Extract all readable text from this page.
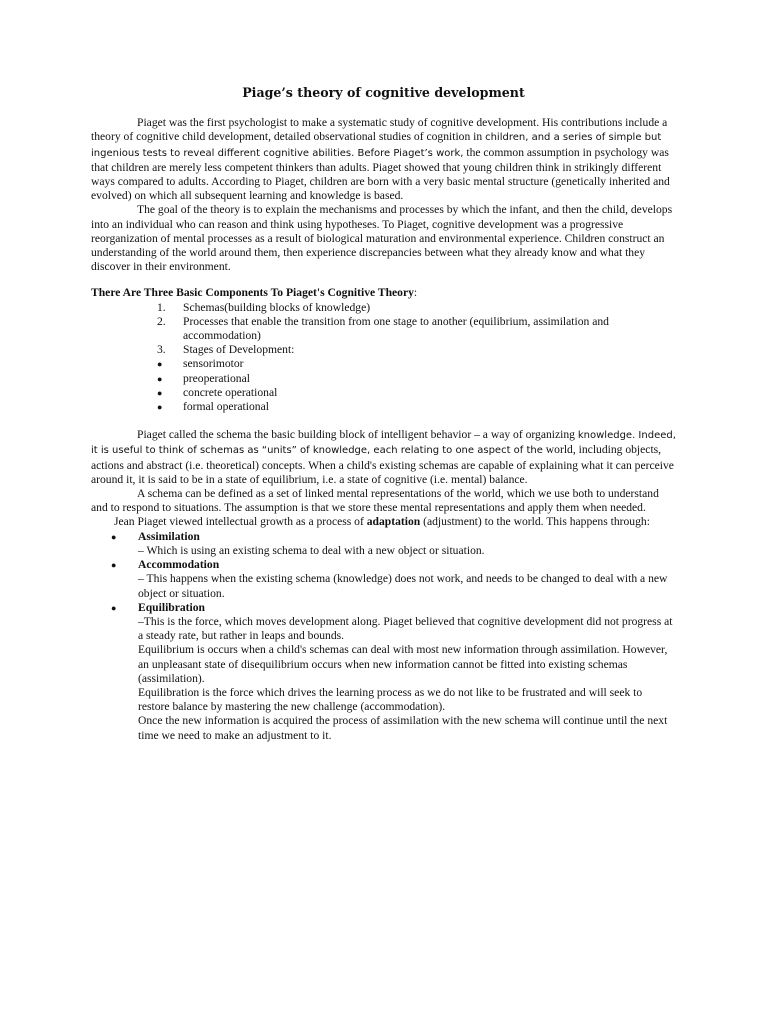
Piage’s theory of cognitive development

Piaget was the first psychologist to make a systematic study of cognitive development. His contributions include a theory of cognitive child development, detailed observational studies of cognition in children, and a series of simple but ingenious tests to reveal different cognitive abilities. Before Piaget’s work, the common assumption in psychology was that children are merely less competent thinkers than adults. Piaget showed that young children think in strikingly different ways compared to adults. According to Piaget, children are born with a very basic mental structure (genetically inherited and evolved) on which all subsequent learning and knowledge is based.

The goal of the theory is to explain the mechanisms and processes by which the infant, and then the child, develops into an individual who can reason and think using hypotheses. To Piaget, cognitive development was a progressive reorganization of mental processes as a result of biological maturation and environmental experience. Children construct an understanding of the world around them, then experience discrepancies between what they already know and what they discover in their environment.

There Are Three Basic Components To Piaget's Cognitive Theory:

1.	Schemas(building blocks of knowledge)
2.	Processes that enable the transition from one stage to another (equilibrium, assimilation and accommodation)
3.	Stages of Development:
●	sensorimotor
●	preoperational
●	concrete operational
●	formal operational

Piaget called the schema the basic building block of intelligent behavior – a way of organizing knowledge. Indeed, it is useful to think of schemas as “units” of knowledge, each relating to one aspect of the world, including objects, actions and abstract (i.e. theoretical) concepts. When a child's existing schemas are capable of explaining what it can perceive around it, it is said to be in a state of equilibrium, i.e. a state of cognitive (i.e. mental) balance.

A schema can be defined as a set of linked mental representations of the world, which we use both to understand and to respond to situations. The assumption is that we store these mental representations and apply them when needed.

Jean Piaget viewed intellectual growth as a process of adaptation (adjustment) to the world. This happens through:

●	Assimilation

– Which is using an existing schema to deal with a new object or situation.

●	Accommodation

– This happens when the existing schema (knowledge) does not work, and needs to be changed to deal with a new object or situation.

●	Equilibration

–This is the force, which moves development along. Piaget believed that cognitive development did not progress at a steady rate, but rather in leaps and bounds.

Equilibrium is occurs when a child's schemas can deal with most new information through assimilation. However, an unpleasant state of disequilibrium occurs when new information cannot be fitted into existing schemas (assimilation).

Equilibration is the force which drives the learning process as we do not like to be frustrated and will seek to restore balance by mastering the new challenge (accommodation).

Once the new information is acquired the process of assimilation with the new schema will continue until the next time we need to make an adjustment to it.
